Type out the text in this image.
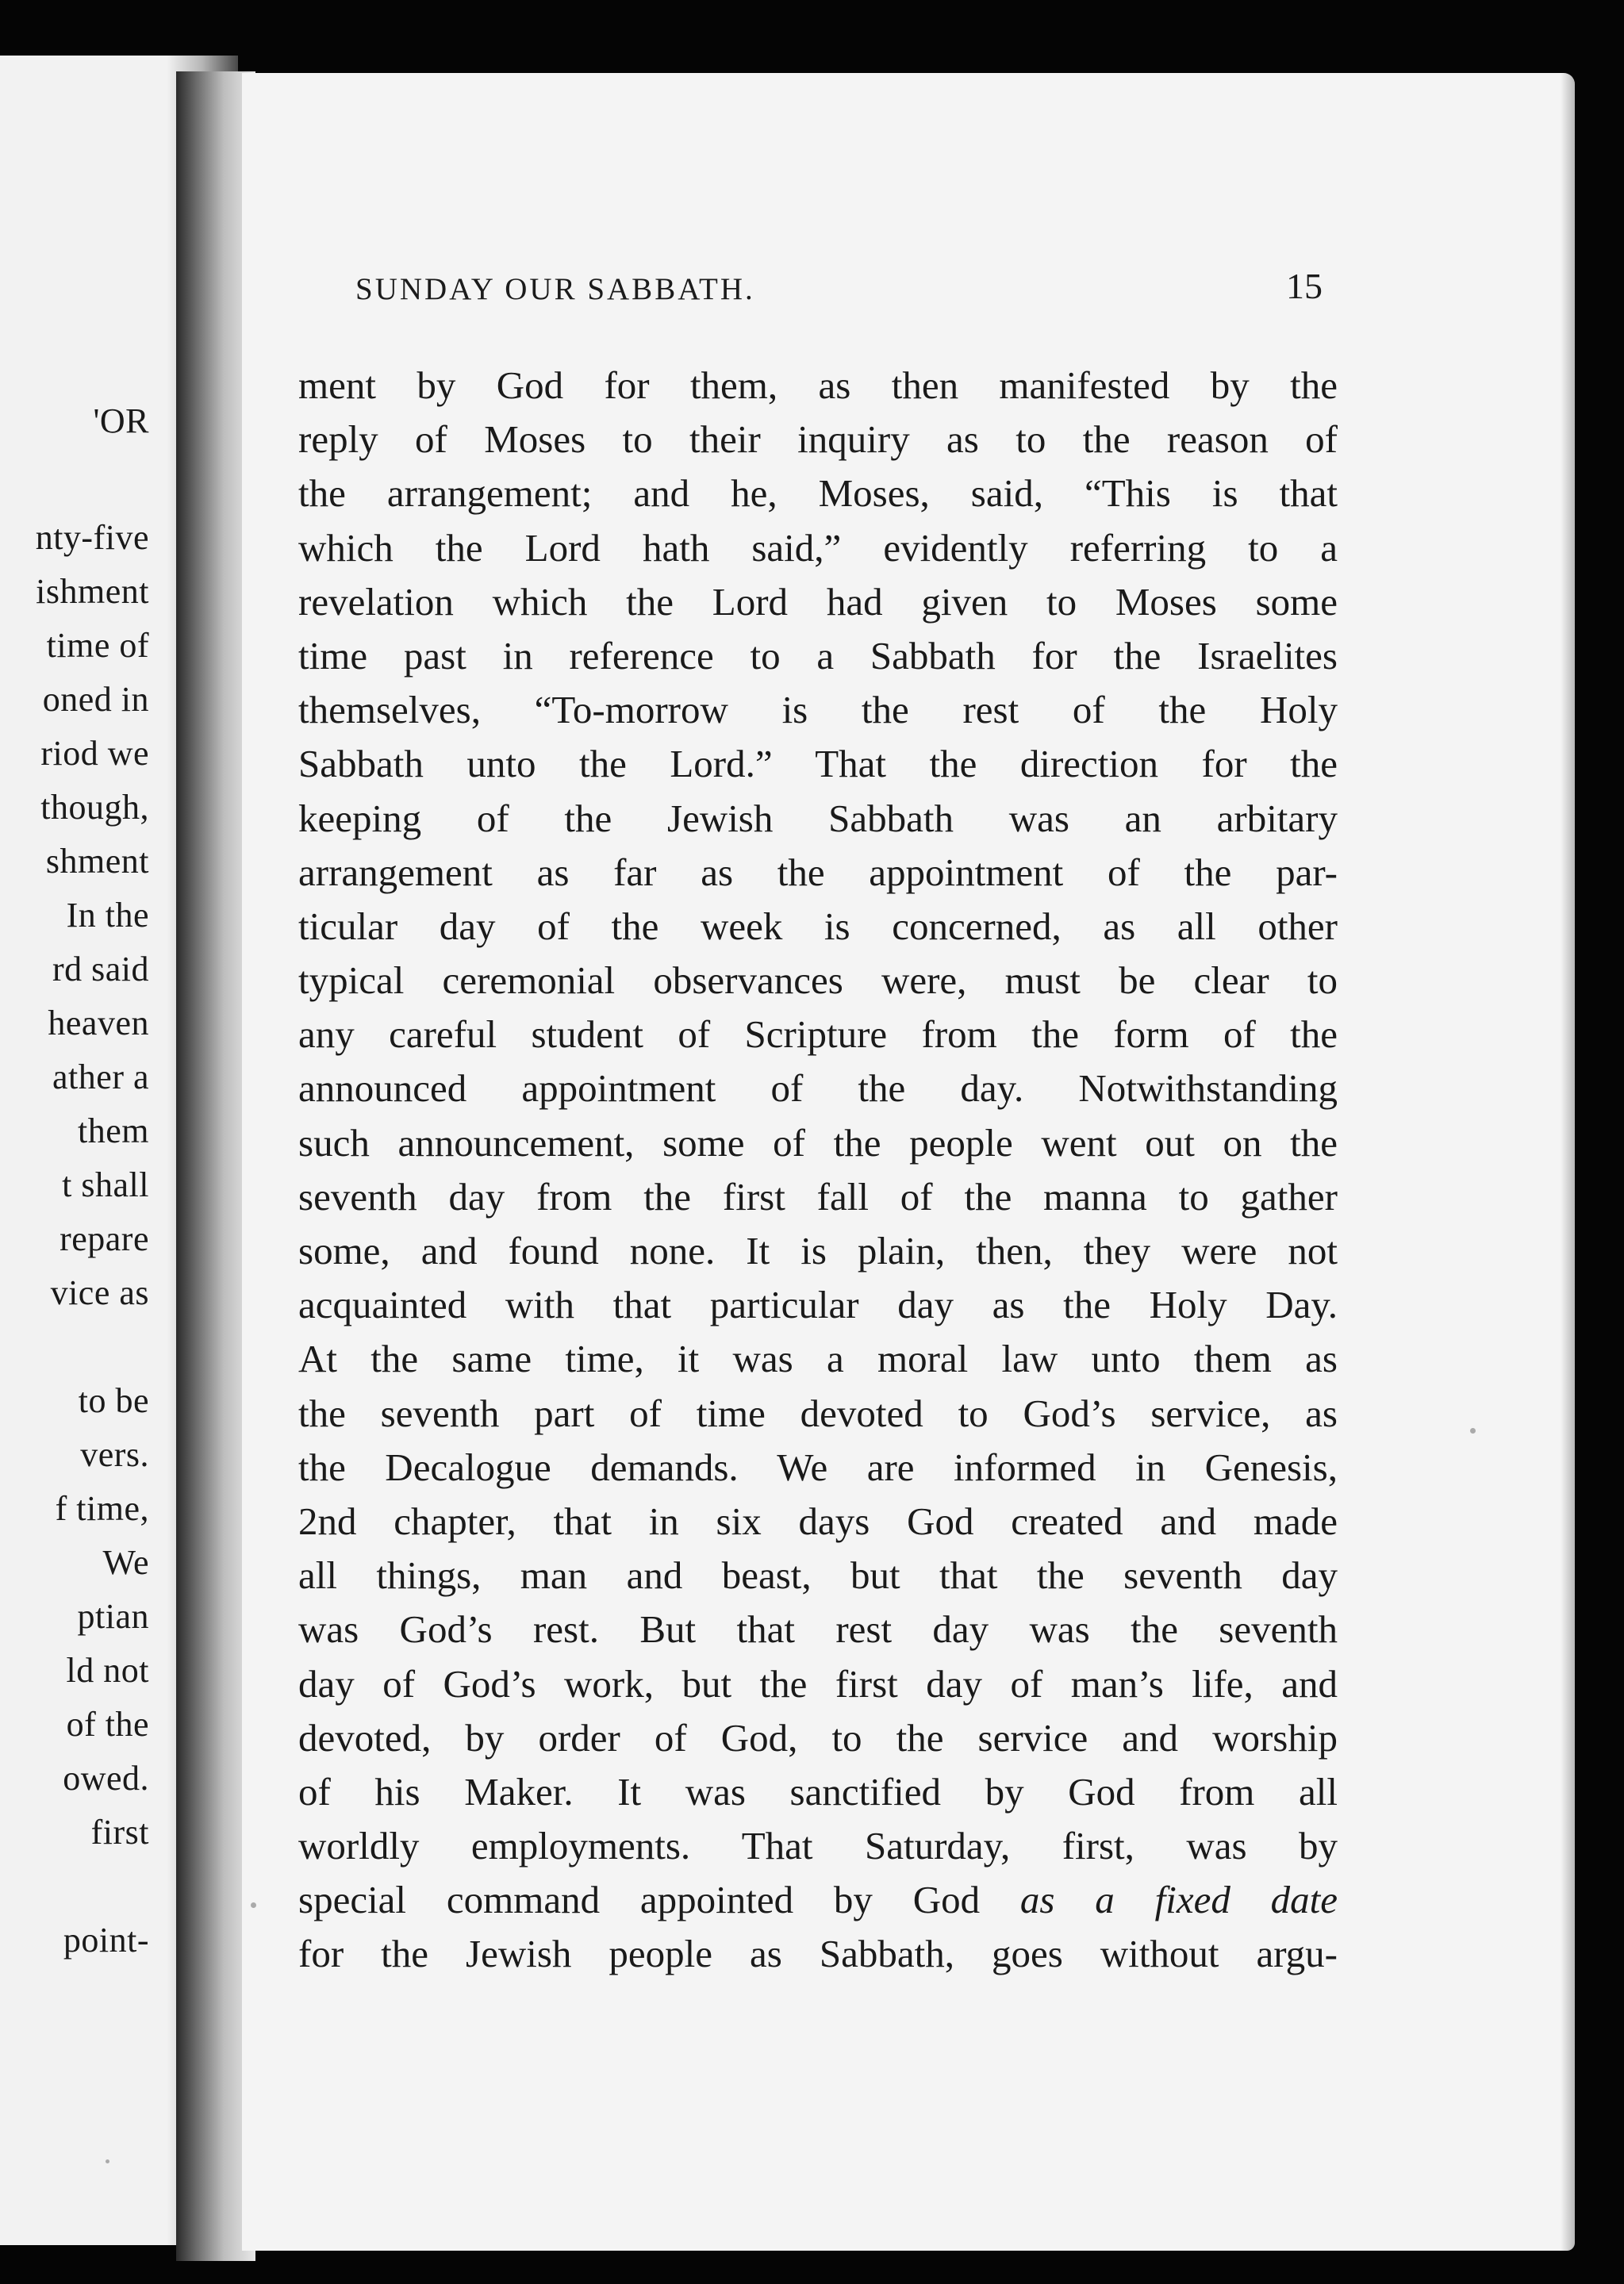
'OR
nty-five
ishment
time of
oned in
riod we
though,
shment
In the
rd said
heaven
ather a
them
t shall
repare
vice as
to be
vers.
f time,
We
ptian
ld not
of the
owed.
first
point-
SUNDAY OUR SABBATH.	15
ment by God for them, as then manifested by the
reply of Moses to their inquiry as to the reason of
the arrangement; and he, Moses, said, “This is that
which the Lord hath said,” evidently referring to a
revelation which the Lord had given to Moses some
time past in reference to a Sabbath for the Israelites
themselves, “To-morrow is the rest of the Holy
Sabbath unto the Lord.” That the direction for the
keeping of the Jewish Sabbath was an arbitary
arrangement as far as the appointment of the par-
ticular day of the week is concerned, as all other
typical ceremonial observances were, must be clear to
any careful student of Scripture from the form of the
announced appointment of the day. Notwithstanding
such announcement, some of the people went out on the
seventh day from the first fall of the manna to gather
some, and found none. It is plain, then, they were not
acquainted with that particular day as the Holy Day.
At the same time, it was a moral law unto them as
the seventh part of time devoted to God’s service, as
the Decalogue demands. We are informed in Genesis,
2nd chapter, that in six days God created and made
all things, man and beast, but that the seventh day
was God’s rest. But that rest day was the seventh
day of God’s work, but the first day of man’s life, and
devoted, by order of God, to the service and worship
of his Maker. It was sanctified by God from all
worldly employments. That Saturday, first, was by
special command appointed by God as a fixed date
for the Jewish people as Sabbath, goes without argu-
